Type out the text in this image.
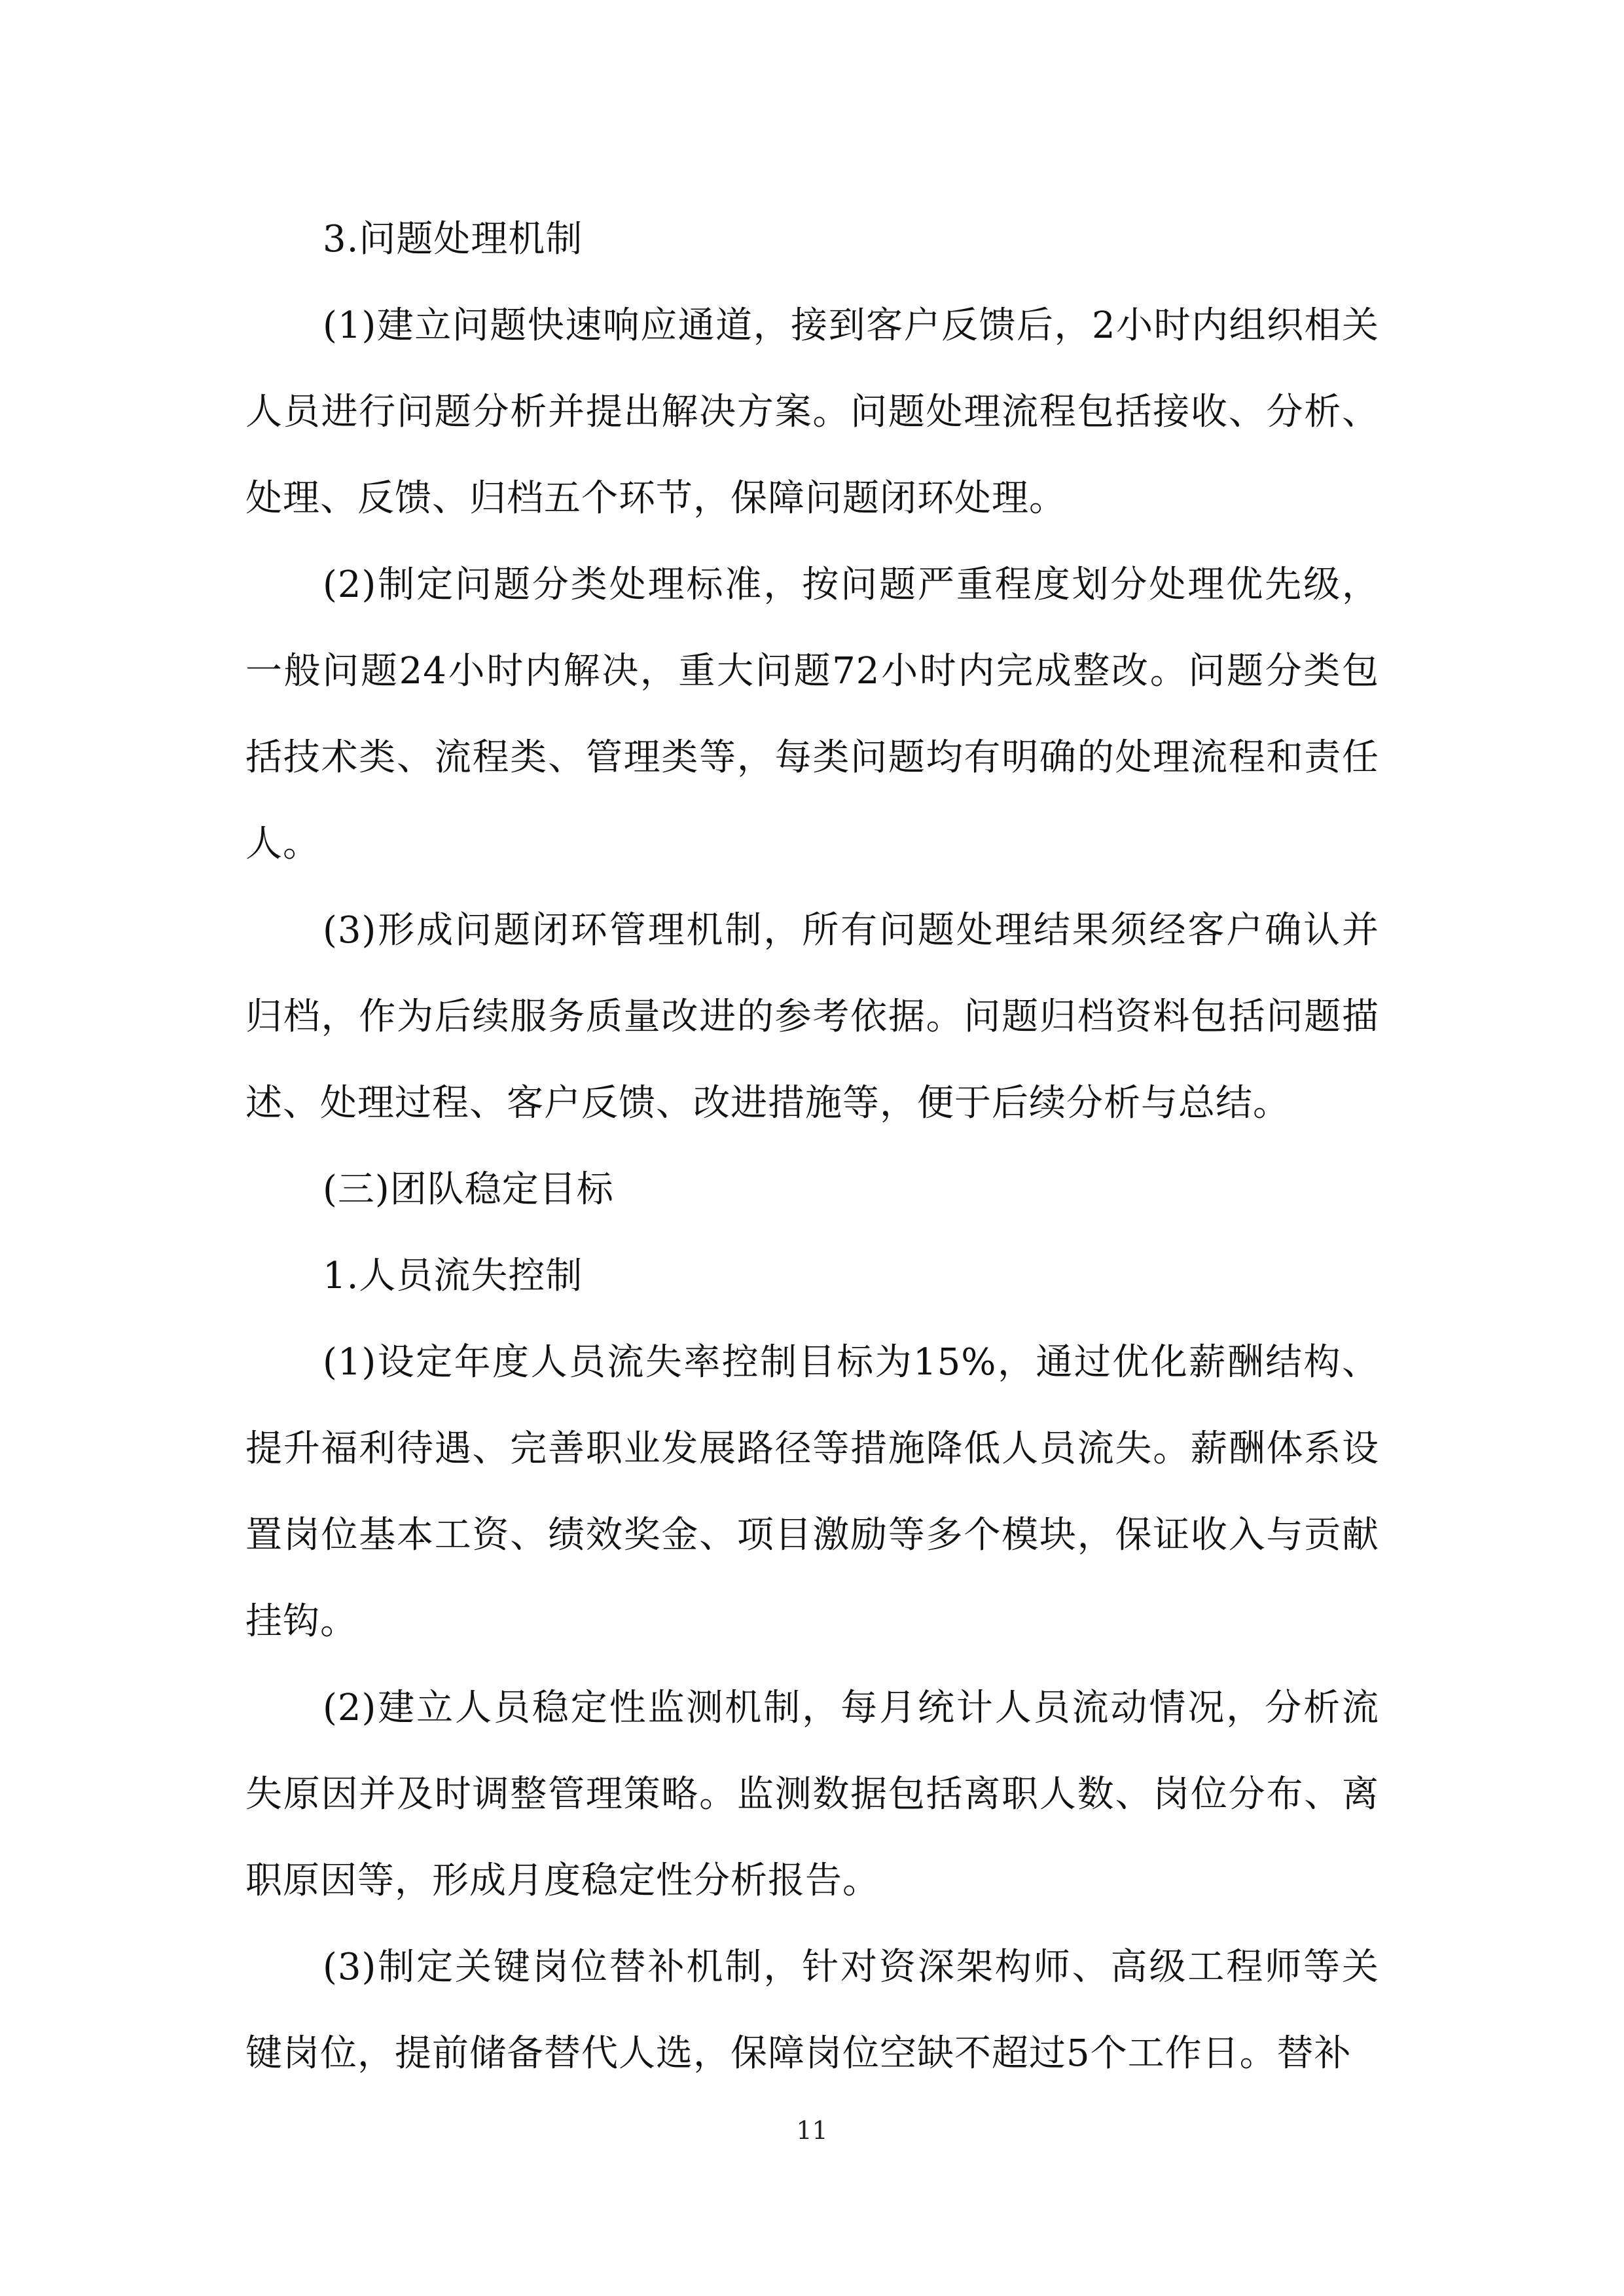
3.问题处理机制

(1)建立问题快速响应通道，接到客户反馈后，2小时内组织相关人员进行问题分析并提出解决方案。问题处理流程包括接收、分析、处理、反馈、归档五个环节，保障问题闭环处理。

(2)制定问题分类处理标准，按问题严重程度划分处理优先级，一般问题24小时内解决，重大问题72小时内完成整改。问题分类包括技术类、流程类、管理类等，每类问题均有明确的处理流程和责任人。

(3)形成问题闭环管理机制，所有问题处理结果须经客户确认并归档，作为后续服务质量改进的参考依据。问题归档资料包括问题描述、处理过程、客户反馈、改进措施等，便于后续分析与总结。

(三)团队稳定目标

1.人员流失控制

(1)设定年度人员流失率控制目标为15%，通过优化薪酬结构、提升福利待遇、完善职业发展路径等措施降低人员流失。薪酬体系设置岗位基本工资、绩效奖金、项目激励等多个模块，保证收入与贡献挂钩。

(2)建立人员稳定性监测机制，每月统计人员流动情况，分析流失原因并及时调整管理策略。监测数据包括离职人数、岗位分布、离职原因等，形成月度稳定性分析报告。

(3)制定关键岗位替补机制，针对资深架构师、高级工程师等关键岗位，提前储备替代人选，保障岗位空缺不超过5个工作日。替补

11
